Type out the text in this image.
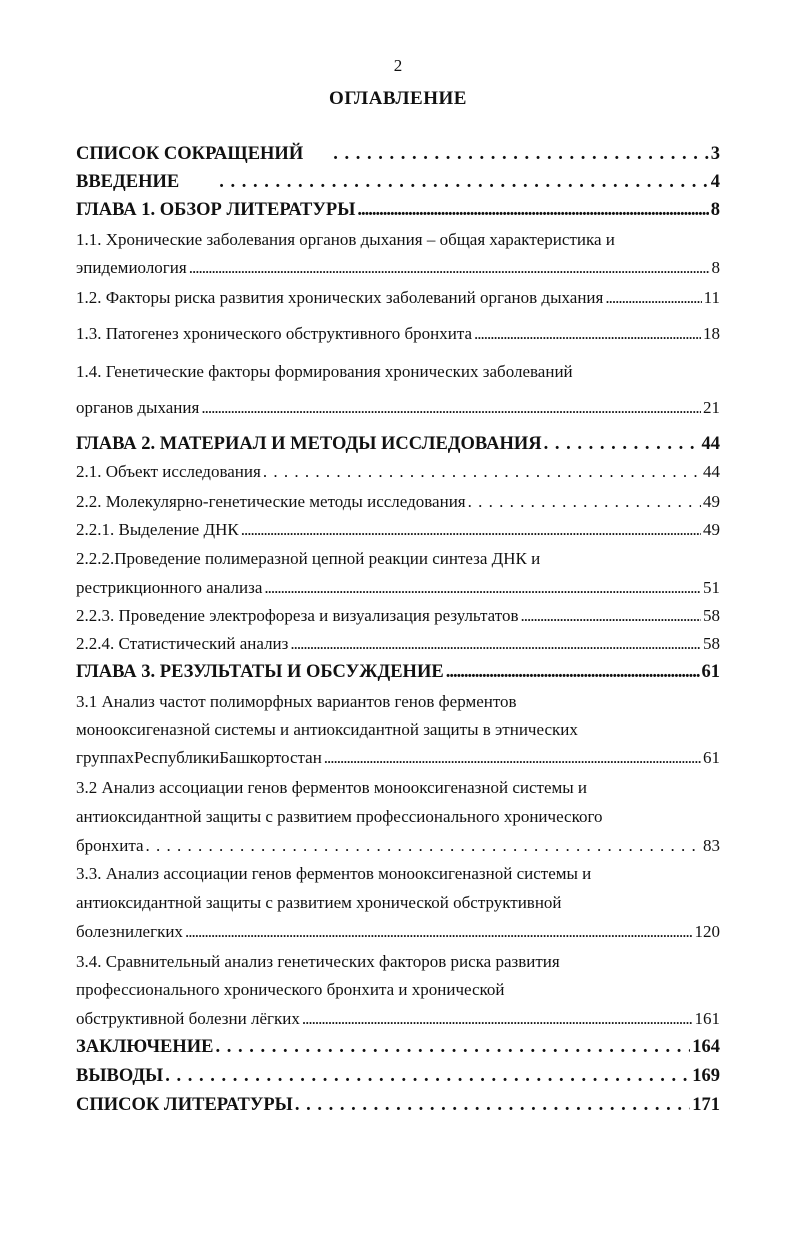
2
ОГЛАВЛЕНИЕ
СПИСОК СОКРАЩЕНИЙ . . .	3
ВВЕДЕНИЕ . . .	4
ГЛАВА 1. ОБЗОР ЛИТЕРАТУРЫ .....	8
1.1. Хронические заболевания органов дыхания – общая характеристика и
эпидемиология .....	8
1.2. Факторы риска развития хронических заболеваний органов дыхания .....	11
1.3. Патогенез хронического обструктивного бронхита .....	18
1.4. Генетические факторы формирования хронических заболеваний
органов дыхания .....	21
ГЛАВА 2. МАТЕРИАЛ И МЕТОДЫ ИССЛЕДОВАНИЯ . . .	44
2.1. Объект исследования . . .	44
2.2. Молекулярно-генетические методы исследования . . .	49
2.2.1. Выделение ДНК .....	49
2.2.2.Проведение полимеразной цепной реакции синтеза ДНК и
рестрикционного анализа .....	51
2.2.3. Проведение электрофореза и визуализация результатов .....	58
2.2.4. Статистический анализ .....	58
ГЛАВА 3. РЕЗУЛЬТАТЫ И ОБСУЖДЕНИЕ .....	61
3.1 Анализ частот полиморфных вариантов генов ферментов
монооксигеназной системы и антиоксидантной защиты в этнических
группахРеспубликиБашкортостан .....	61
3.2 Анализ ассоциации генов ферментов монооксигеназной системы и
антиоксидантной защиты с развитием профессионального хронического
бронхита . . .	83
3.3. Анализ ассоциации генов ферментов монооксигеназной системы и
антиоксидантной защиты с развитием хронической обструктивной
болезнилегких .....	120
3.4. Сравнительный анализ генетических факторов риска развития
профессионального хронического бронхита и хронической
обструктивной болезни лёгких .....	161
ЗАКЛЮЧЕНИЕ . . .	164
ВЫВОДЫ . . .	169
СПИСОК ЛИТЕРАТУРЫ . . .	171
